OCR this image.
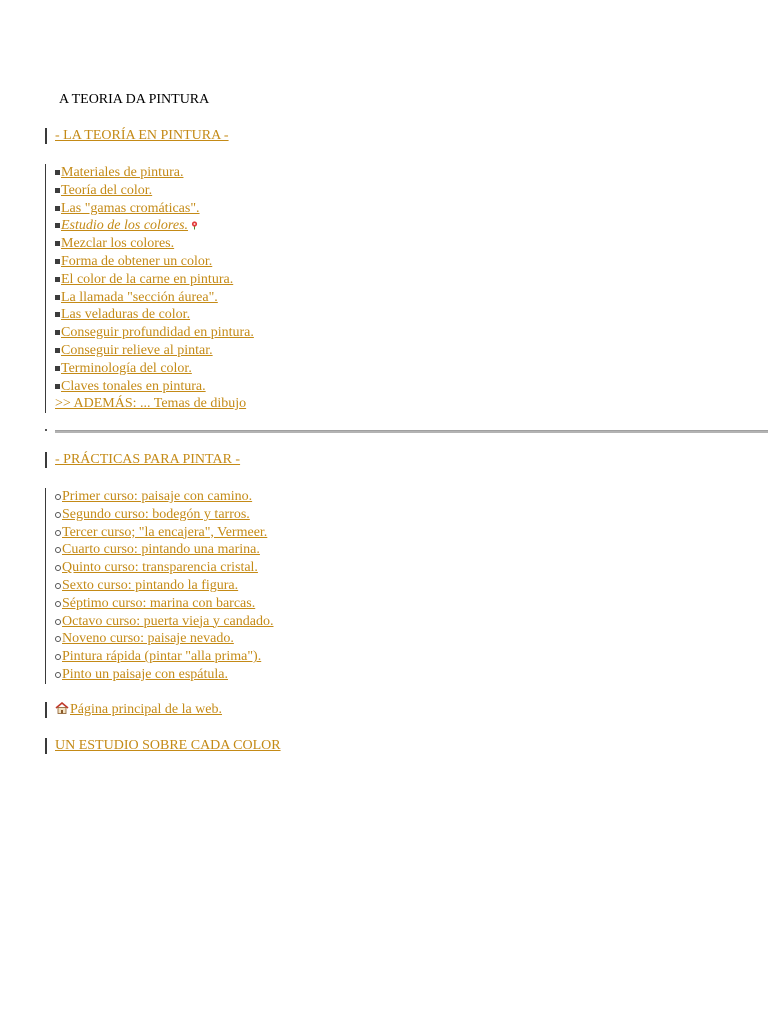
A TEORIA DA PINTURA
- LA TEORÍA EN PINTURA -
Materiales de pintura.
Teoría del color.
Las "gamas cromáticas".
Estudio de los colores.
Mezclar los colores.
Forma de obtener un color.
El color de la carne en pintura.
La llamada "sección áurea".
Las veladuras de color.
Conseguir profundidad en pintura.
Conseguir relieve al pintar.
Terminología del color.
Claves tonales en pintura.
>> ADEMÁS: ... Temas de dibujo
- PRÁCTICAS PARA PINTAR -
Primer curso: paisaje con camino.
Segundo curso: bodegón y tarros.
Tercer curso; "la encajera", Vermeer.
Cuarto curso: pintando una marina.
Quinto curso: transparencia cristal.
Sexto curso: pintando la figura.
Séptimo curso: marina con barcas.
Octavo curso: puerta vieja y candado.
Noveno curso: paisaje nevado.
Pintura rápida (pintar "alla prima").
Pinto un paisaje con espátula.
Página principal de la web.
UN ESTUDIO SOBRE CADA COLOR
